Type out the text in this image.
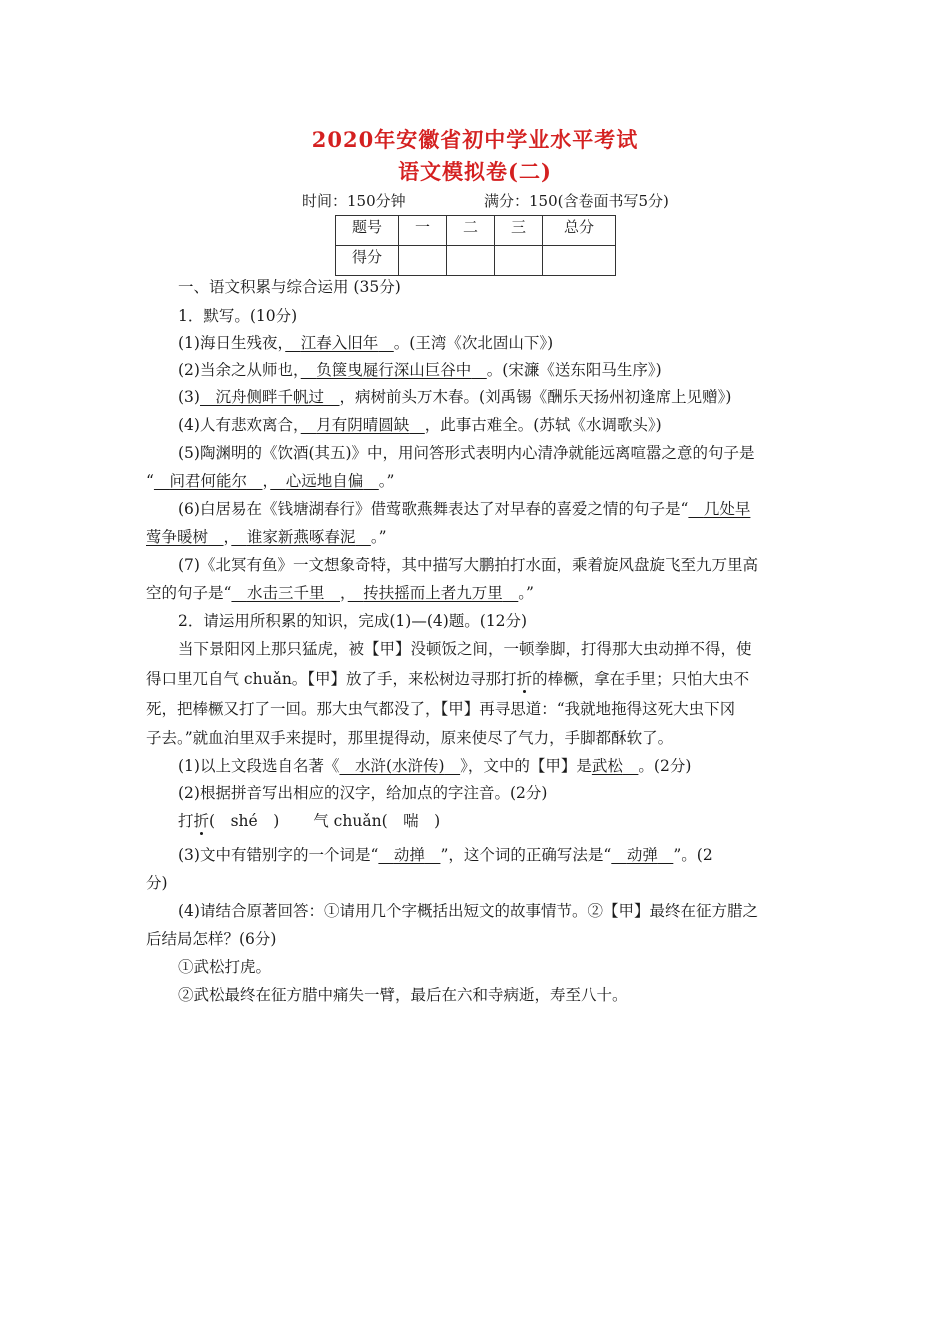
2020年安徽省初中学业水平考试
语文模拟卷(二)
时间：150分钟	满分：150(含卷面书写5分)
题号	一	二	三	总分
得分				
一、语文积累与综合运用 (35分)
1．默写。(10分)
(1)海日生残夜，　 江春入旧年　 。(王湾《次北固山下》)
(2)当余之从师也，　 负箧曳屣行深山巨谷中　 。(宋濂《送东阳马生序》)
(3)　 沉舟侧畔千帆过　 ，病树前头万木春。(刘禹锡《酬乐天扬州初逢席上见赠》)
(4)人有悲欢离合，　 月有阴晴圆缺　 ，此事古难全。(苏轼《水调歌头》)
(5)陶渊明的《饮酒(其五)》中，用问答形式表明内心清净就能远离喧嚣之意的句子是
“　 问君何能尔　 ，　 心远地自偏　 。”
(6)白居易在《钱塘湖春行》借莺歌燕舞表达了对早春的喜爱之情的句子是“　 几处早
莺争暖树　 ，　 谁家新燕啄春泥　 。”
(7)《北冥有鱼》一文想象奇特，其中描写大鹏拍打水面，乘着旋风盘旋飞至九万里高
空的句子是“　 水击三千里　 ，　 抟扶摇而上者九万里　 。”
2．请运用所积累的知识，完成(1)—(4)题。(12分)
当下景阳冈上那只猛虎，被【甲】没顿饭之间，一顿拳脚，打得那大虫动掸不得，使
得口里兀自气 chuǎn。【甲】放了手，来松树边寻那打折的棒橛，拿在手里；只怕大虫不
死，把棒橛又打了一回。那大虫气都没了，【甲】再寻思道：“我就地拖得这死大虫下冈
子去。”就血泊里双手来提时，那里提得动，原来使尽了气力，手脚都酥软了。
(1)以上文段选自名著《　 水浒(水浒传)　 》，文中的【甲】是武松　 。(2分)
(2)根据拼音写出相应的汉字，给加点的字注音。(2分)
打折(　shé　) 气 chuǎn(　喘　)
(3)文中有错别字的一个词是“　 动掸　 ”，这个词的正确写法是“　 动弹　 ”。(2
分)
(4)请结合原著回答：①请用几个字概括出短文的故事情节。②【甲】最终在征方腊之
后结局怎样？(6分)
①武松打虎。
②武松最终在征方腊中痛失一臂，最后在六和寺病逝，寿至八十。
